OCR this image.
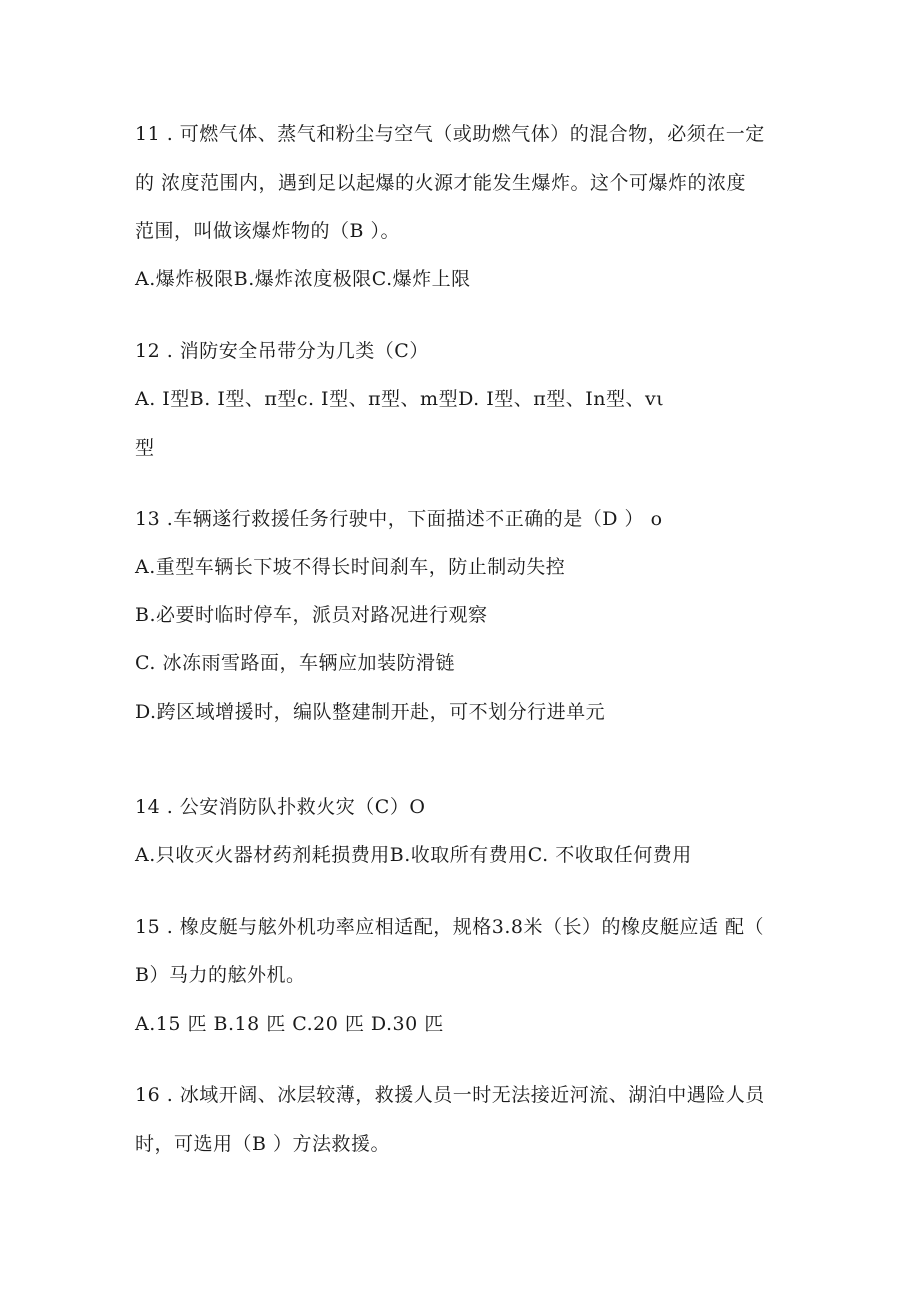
11 . 可燃气体、蒸气和粉尘与空气（或助燃气体）的混合物，必须在一定
的 浓度范围内，遇到足以起爆的火源才能发生爆炸。这个可爆炸的浓度
范围，叫做该爆炸物的（B ）。
A.爆炸极限B.爆炸浓度极限C.爆炸上限
12 . 消防安全吊带分为几类（C）
A. I型B. I型、π型c. I型、π型、m型D. I型、π型、In型、vι
型
13 .车辆遂行救援任务行驶中，下面描述不正确的是（D ） o
A.重型车辆长下坡不得长时间刹车，防止制动失控
B.必要时临时停车，派员对路况进行观察
C. 冰冻雨雪路面，车辆应加装防滑链
D.跨区域增援时，编队整建制开赴，可不划分行进单元
14 . 公安消防队扑救火灾（C）O
A.只收灭火器材药剂耗损费用B.收取所有费用C. 不收取任何费用
15 . 橡皮艇与舷外机功率应相适配，规格3.8米（长）的橡皮艇应适 配（
B）马力的舷外机。
A.15 匹 B.18 匹 C.20 匹 D.30 匹
16 . 冰域开阔、冰层较薄，救援人员一时无法接近河流、湖泊中遇险人员
时，可选用（B ）方法救援。
